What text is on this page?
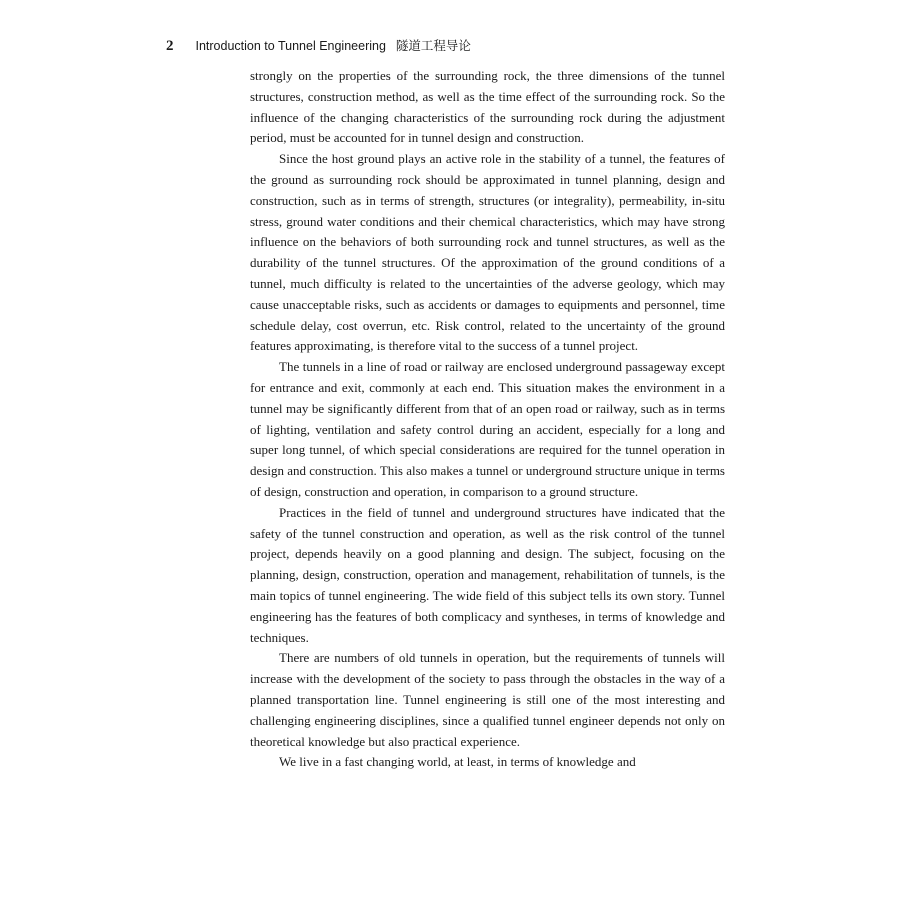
2 Introduction to Tunnel Engineering 隧道工程导论

strongly on the properties of the surrounding rock, the three dimensions of the tunnel structures, construction method, as well as the time effect of the surrounding rock. So the influence of the changing characteristics of the surrounding rock during the adjustment period, must be accounted for in tunnel design and construction.

Since the host ground plays an active role in the stability of a tunnel, the features of the ground as surrounding rock should be approximated in tunnel planning, design and construction, such as in terms of strength, structures (or integrality), permeability, in-situ stress, ground water conditions and their chemical characteristics, which may have strong influence on the behaviors of both surrounding rock and tunnel structures, as well as the durability of the tunnel structures. Of the approximation of the ground conditions of a tunnel, much difficulty is related to the uncertainties of the adverse geology, which may cause unacceptable risks, such as accidents or damages to equipments and personnel, time schedule delay, cost overrun, etc. Risk control, related to the uncertainty of the ground features approximating, is therefore vital to the success of a tunnel project.

The tunnels in a line of road or railway are enclosed underground passageway except for entrance and exit, commonly at each end. This situation makes the environment in a tunnel may be significantly different from that of an open road or railway, such as in terms of lighting, ventilation and safety control during an accident, especially for a long and super long tunnel, of which special considerations are required for the tunnel operation in design and construction. This also makes a tunnel or underground structure unique in terms of design, construction and operation, in comparison to a ground structure.

Practices in the field of tunnel and underground structures have indicated that the safety of the tunnel construction and operation, as well as the risk control of the tunnel project, depends heavily on a good planning and design. The subject, focusing on the planning, design, construction, operation and management, rehabilitation of tunnels, is the main topics of tunnel engineering. The wide field of this subject tells its own story. Tunnel engineering has the features of both complicacy and syntheses, in terms of knowledge and techniques.

There are numbers of old tunnels in operation, but the requirements of tunnels will increase with the development of the society to pass through the obstacles in the way of a planned transportation line. Tunnel engineering is still one of the most interesting and challenging engineering disciplines, since a qualified tunnel engineer depends not only on theoretical knowledge but also practical experience.

We live in a fast changing world, at least, in terms of knowledge and
